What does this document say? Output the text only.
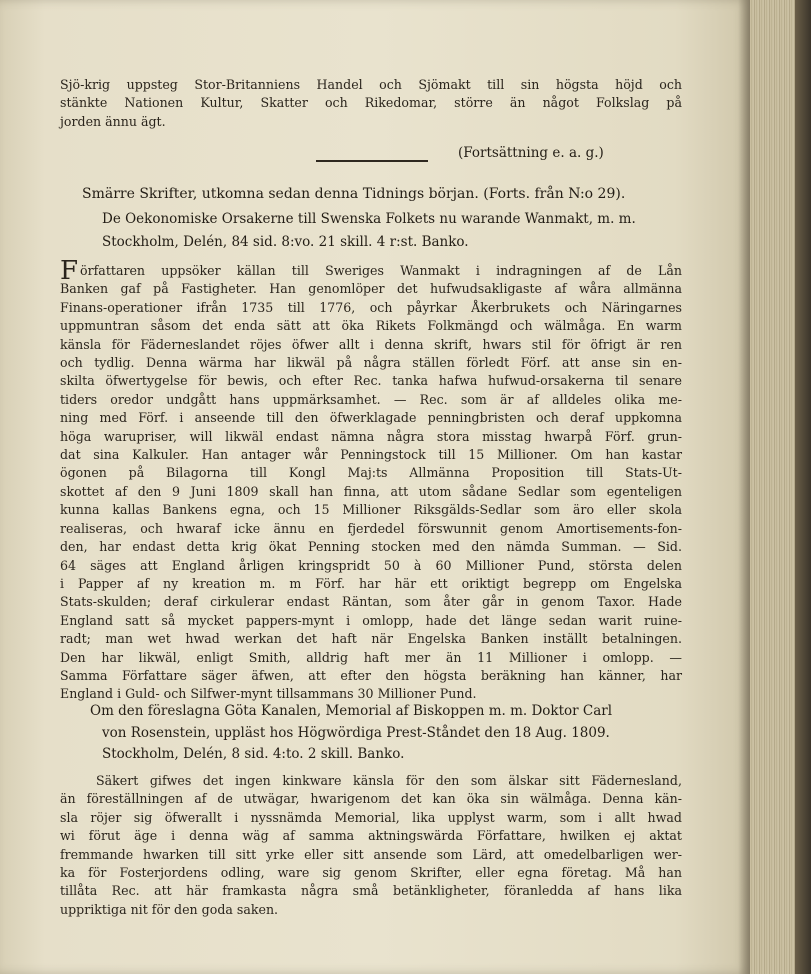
Sjö-krig uppsteg Stor-Britanniens Handel och Sjömakt till sin högsta höjd och
stänkte Nationen Kultur, Skatter och Rikedomar, större än något Folkslag på
jorden ännu ägt.
(Fortsättning e. a. g.)
Smärre Skrifter, utkomna sedan denna Tidnings början. (Forts. från N:o 29).
De Oekonomiske Orsakerne till Swenska Folkets nu warande Wanmakt, m. m.
Stockholm, Delén, 84 sid. 8:vo. 21 skill. 4 r:st. Banko.
Författaren uppsöker källan till Sweriges Wanmakt i indragningen af de Lån
Banken gaf på Fastigheter. Han genomlöper det hufwudsakligaste af wåra allmänna
Finans-operationer ifrån 1735 till 1776, och påyrkar Åkerbrukets och Näringarnes
uppmuntran såsom det enda sätt att öka Rikets Folkmängd och wälmåga. En warm
känsla för Fäderneslandet röjes öfwer allt i denna skrift, hwars stil för öfrigt är ren
och tydlig. Denna wärma har likwäl på några ställen förledt Förf. att anse sin en-
skilta öfwertygelse för bewis, och efter Rec. tanka hafwa hufwud-orsakerna til senare
tiders oredor undgått hans uppmärksamhet. — Rec. som är af alldeles olika me-
ning med Förf. i anseende till den öfwerklagade penningbristen och deraf uppkomna
höga warupriser, will likwäl endast nämna några stora misstag hwarpå Förf. grun-
dat sina Kalkuler. Han antager wår Penningstock till 15 Millioner. Om han kastar
ögonen på Bilagorna till Kongl Maj:ts Allmänna Proposition till Stats-Ut-
skottet af den 9 Juni 1809 skall han finna, att utom sådane Sedlar som egenteligen
kunna kallas Bankens egna, och 15 Millioner Riksgälds-Sedlar som äro eller skola
realiseras, och hwaraf icke ännu en fjerdedel förswunnit genom Amortisements-fon-
den, har endast detta krig ökat Penning stocken med den nämda Summan. — Sid.
64 säges att England årligen kringspridt 50 à 60 Millioner Pund, största delen
i Papper af ny kreation m. m Förf. har här ett oriktigt begrepp om Engelska
Stats-skulden; deraf cirkulerar endast Räntan, som åter går in genom Taxor. Hade
England satt så mycket pappers-mynt i omlopp, hade det länge sedan warit ruine-
radt; man wet hwad werkan det haft när Engelska Banken inställt betalningen.
Den har likwäl, enligt Smith, alldrig haft mer än 11 Millioner i omlopp. —
Samma Författare säger äfwen, att efter den högsta beräkning han känner, har
England i Guld- och Silfwer-mynt tillsammans 30 Millioner Pund.
Om den föreslagna Göta Kanalen, Memorial af Biskoppen m. m. Doktor Carl
von Rosenstein, uppläst hos Högwördiga Prest-Ståndet den 18 Aug. 1809.
Stockholm, Delén, 8 sid. 4:to. 2 skill. Banko.
Säkert gifwes det ingen kinkware känsla för den som älskar sitt Fädernesland,
än föreställningen af de utwägar, hwarigenom det kan öka sin wälmåga. Denna kän-
sla röjer sig öfwerallt i nyssnämda Memorial, lika upplyst warm, som i allt hwad
wi förut äge i denna wäg af samma aktningswärda Författare, hwilken ej aktat
fremmande hwarken till sitt yrke eller sitt ansende som Lärd, att omedelbarligen wer-
ka för Fosterjordens odling, ware sig genom Skrifter, eller egna företag. Må han
tillåta Rec. att här framkasta några små betänkligheter, föranledda af hans lika
uppriktiga nit för den goda saken.
